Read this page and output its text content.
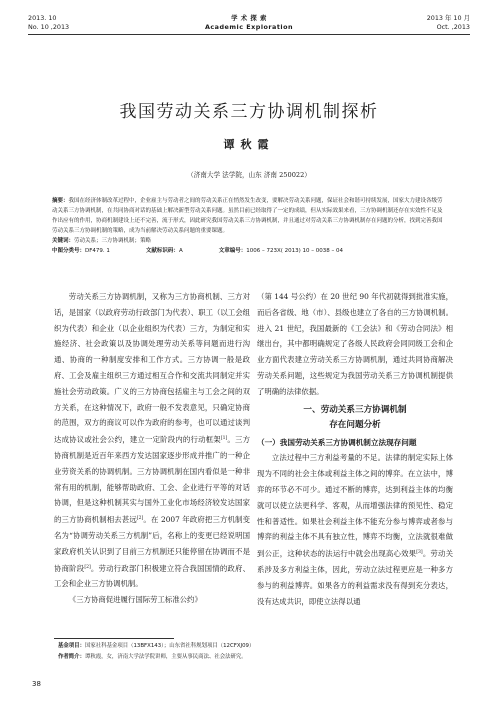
2013. 10
No. 10 ,2013
学 术 探 索
Academic Exploration
2013 年 10 月
Oct. ,2013
我国劳动关系三方协调机制探析
谭秋霞
（济南大学 法学院，山东 济南 250022）

摘要：我国在经济体制改革过程中，企业雇主与劳动者之间的劳动关系正在悄然发生改变，要解决劳动关系问题，保证社会和谐可持续发展，国家大力建设各级劳动关系三方协调机制，在共同协商对话的基础上解决新型劳动关系问题。虽然目前已经取得了一定的成绩，但从实际效果来看，三方协调机制还存在实效性不足及作出应有的作用，协商机制建设上还不完善，流于形式，因此研究我国劳动关系三方协调机制，并且通过对劳动关系三方协调机制存在问题的分析，找到完善我国劳动关系三方协调机制的策略，成为当前解决劳动关系问题的重要课题。

关键词：劳动关系；三方协调机制；策略

中图分类号：DF479. 1	文献标识码：A	文章编号：1006 – 723X( 2013) 10 – 0038 – 04

劳动关系三方协调机制，又称为三方协商机制、三方对话，是国家（以政府劳动行政部门为代表）、职工（以工会组织为代表）和企业（以企业组织为代表）三方，为制定和实施经济、社会政策以及协调处理劳动关系等问题而进行沟通、协商的一种制度安排和工作方式。三方协调一般是政府、工会及雇主组织三方通过相互合作和交流共同制定并实施社会劳动政策。广义的三方协商包括雇主与工会之间的双方关系，在这种情况下，政府一般不发表意见，只确定协商的范围，双方的商议可以作为政府的参考，也可以通过谈判达成协议或社会公约，建立一定阶段内的行动框架[1]。三方协商机制是近百年来西方发达国家逐步形成并推广的一种企业劳资关系的协调机制。三方协调机制在国内看似是一种非常有用的机制，能够帮助政府、工会、企业进行平等的对话协调，但是这种机制其实与国外工业化市场经济较发达国家的三方协商机制相去甚远[2]。在 2007 年政府把三方机制变名为“协调劳动关系三方机制”后，名称上的变更已经说明国家政府机关认识到了目前三方机制还只能停留在协调而不是协商阶段[2]。劳动行政部门积极建立符合我国国情的政府、工会和企业三方协调机制。

《三方协商促进履行国际劳工标准公约》

（第 144 号公约）在 20 世纪 90 年代初就得到批准实施，而后各省级、地（市）、县级也建立了各自的三方协调机制。进入 21 世纪，我国最新的《工会法》和《劳动合同法》相继出台，其中都明确规定了各级人民政府会同同级工会和企业方面代表建立劳动关系三方协调机制，通过共同协商解决劳动关系问题，这些规定为我国劳动关系三方协调机制提供了明确的法律依据。

一、劳动关系三方协调机制
存在问题分析
（一）我国劳动关系三方协调机制立法现存问题

立法过程中三方利益考量的不足。法律的制定实际上体现为不同的社会主体或利益主体之间的博弈。在立法中，博弈的环节必不可少。通过不断的博弈，达到利益主体的均衡就可以使立法更科学、客观，从而增强法律的预见性、稳定性和普适性。如果社会利益主体不能充分参与博弈或者参与博弈的利益主体不具有独立性，博弈不均衡，立法就很难做到公正，这种状态的法运行中就会出现高心效果[3]。劳动关系涉及多方利益主体，因此，劳动立法过程更应是一种多方参与的利益博弈。如果各方的利益需求没有得到充分表达，没有达成共识，即使立法得以通

基金项目：国家社科基金项目（13BFX143）；山东省社科规划项目（12CFXJ09）
作者简介：谭秋霞，女，济南大学法学院讲师，主要从事民商法、社会法研究。
38
